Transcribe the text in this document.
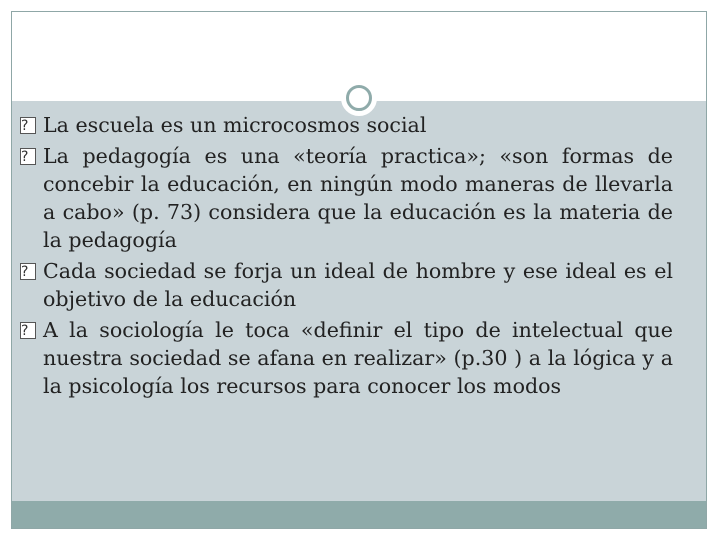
?
La escuela es un microcosmos social
?
La pedagogía es una «teoría practica»; «son formas de concebir la educación, en ningún modo maneras de llevarla a cabo» (p. 73) considera que la educación es la materia de la pedagogía
?
Cada sociedad se forja un ideal de hombre y ese ideal es el objetivo de la educación
?
A la sociología le toca «definir el tipo de intelectual que nuestra sociedad se afana en realizar» (p.30 ) a la lógica y a la psicología los recursos para conocer los modos
